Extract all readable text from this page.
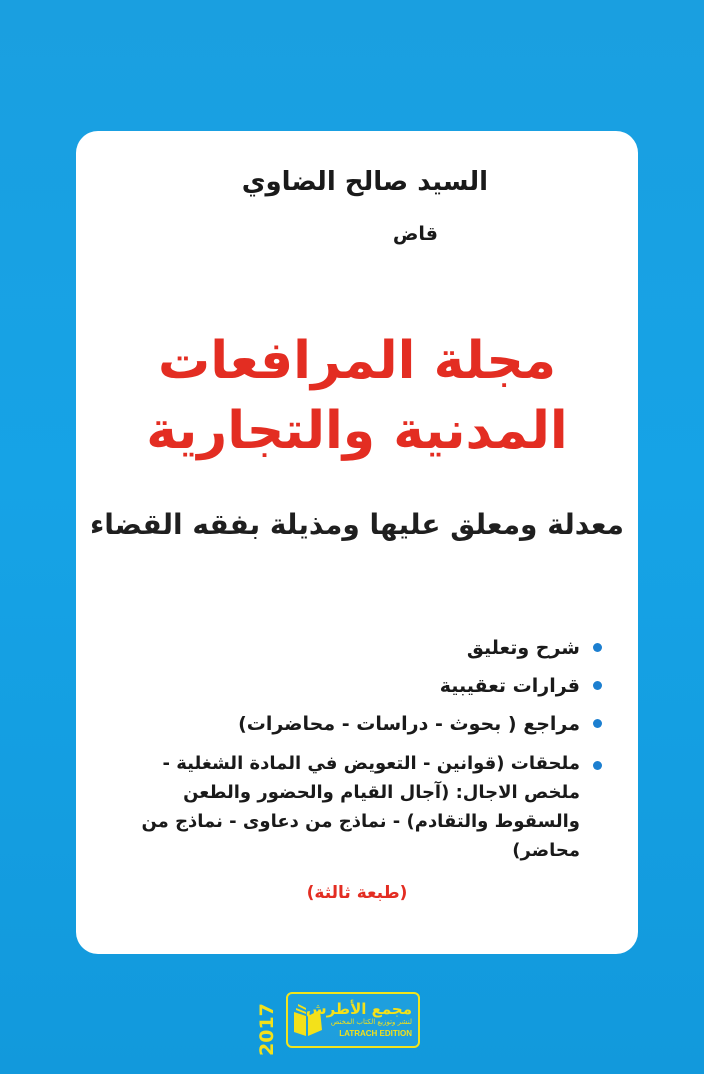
السيد صالح الضاوي
قاض
مجلة المرافعات
المدنية والتجارية
معدلة ومعلق عليها ومذيلة بفقه القضاء
شرح وتعليق
قرارات تعقيبية
مراجع ( بحوث - دراسات - محاضرات)
ملحقات (قوانين - التعويض في المادة الشغلية - ملخص الاجال: (آجال القيام والحضور والطعن والسقوط والتقادم) - نماذج من دعاوى - نماذج من محاضر)
(طبعة ثالثة)
2017 مجمع الأطرش
لنشر وتوزيع الكتاب المختص
LATRACH EDITION
